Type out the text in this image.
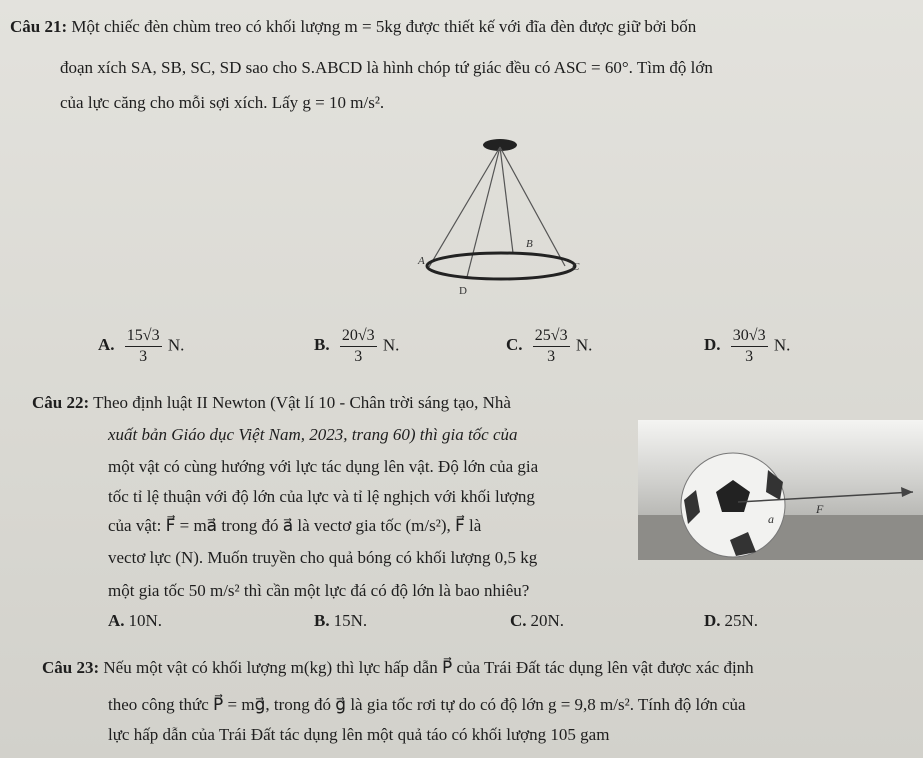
Câu 21: Một chiếc đèn chùm treo có khối lượng m = 5kg được thiết kế với đĩa đèn được giữ bởi bốn
đoạn xích SA, SB, SC, SD sao cho S.ABCD là hình chóp tứ giác đều có ASC = 60°. Tìm độ lớn
của lực căng cho mỗi sợi xích. Lấy g = 10 m/s².
A
B
C
D
A. $\frac{15√3}{3} N$.	B. $\frac{20√3}{3} N$.	C. $\frac{25√3}{3} N$.	D. $\frac{30√3}{3} N$.
Câu 22: Theo định luật II Newton (Vật lí 10 - Chân trời sáng tạo, Nhà
xuất bản Giáo dục Việt Nam, 2023, trang 60) thì gia tốc của
một vật có cùng hướng với lực tác dụng lên vật. Độ lớn của gia
tốc tỉ lệ thuận với độ lớn của lực và tỉ lệ nghịch với khối lượng
của vật: F⃗ = ma⃗ trong đó a⃗ là vectơ gia tốc (m/s²), F⃗ là
vectơ lực (N). Muốn truyền cho quả bóng có khối lượng 0,5 kg
một gia tốc 50 m/s² thì cần một lực đá có độ lớn là bao nhiêu?
a⃗
F⃗
A. 10N.	B. 15N.	C. 20N.	D. 25N.
Câu 23: Nếu một vật có khối lượng m(kg) thì lực hấp dẫn P⃗ của Trái Đất tác dụng lên vật được xác định
theo công thức P⃗ = mg⃗, trong đó g⃗ là gia tốc rơi tự do có độ lớn g = 9,8 m/s². Tính độ lớn của
lực hấp dẫn của Trái Đất tác dụng lên một quả táo có khối lượng 105 gam
